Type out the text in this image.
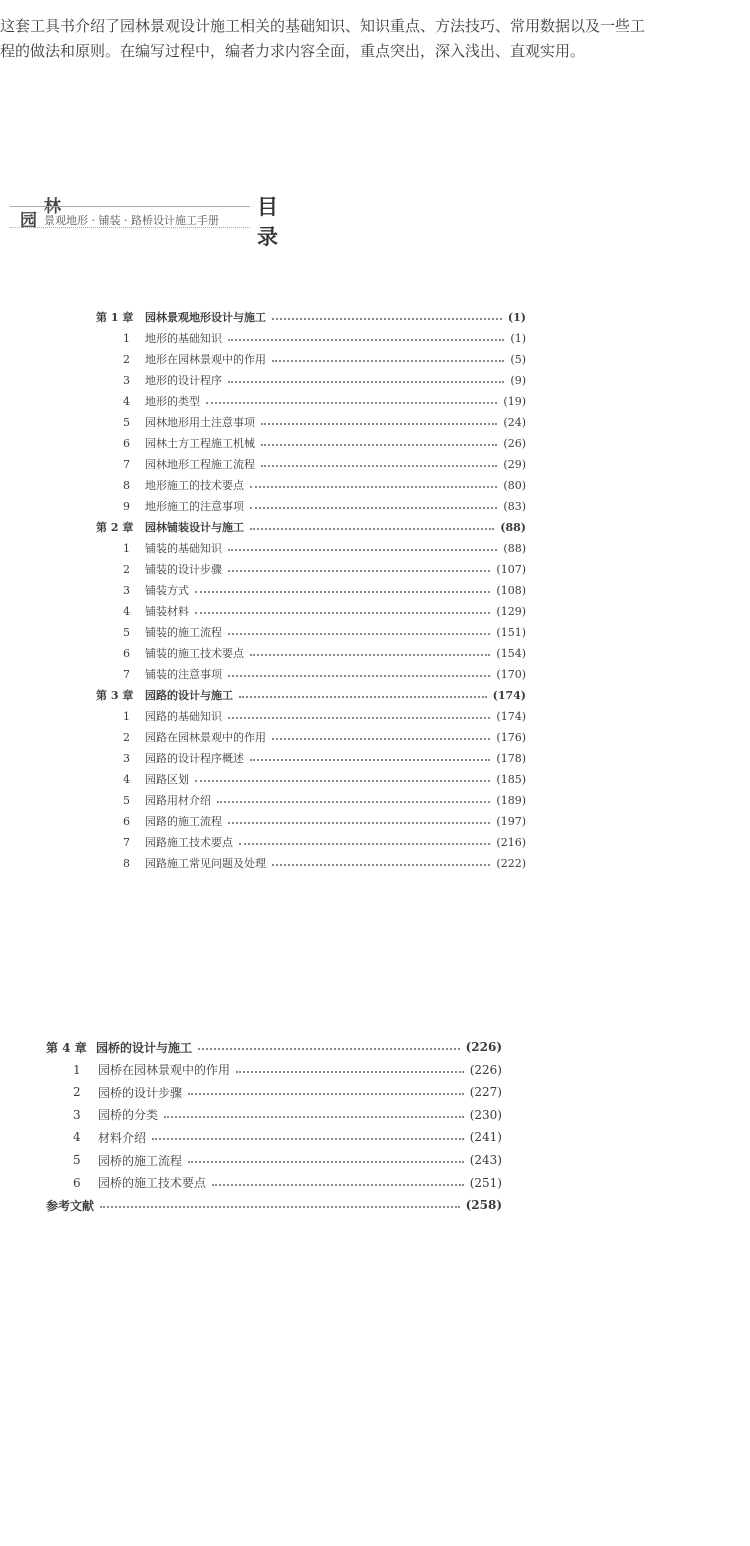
这套工具书介绍了园林景观设计施工相关的基础知识、知识重点、方法技巧、常用数据以及一些工
程的做法和原则。在编写过程中，编者力求内容全面，重点突出，深入浅出、直观实用。
园
林
景观地形 · 铺装 · 路桥设计施工手册
目
录
第 1 章	园林景观地形设计与施工	(1)
1	地形的基础知识	(1)
2	地形在园林景观中的作用	(5)
3	地形的设计程序	(9)
4	地形的类型	(19)
5	园林地形用土注意事项	(24)
6	园林土方工程施工机械	(26)
7	园林地形工程施工流程	(29)
8	地形施工的技术要点	(80)
9	地形施工的注意事项	(83)
第 2 章	园林铺装设计与施工	(88)
1	铺装的基础知识	(88)
2	铺装的设计步骤	(107)
3	铺装方式	(108)
4	铺装材料	(129)
5	铺装的施工流程	(151)
6	铺装的施工技术要点	(154)
7	铺装的注意事项	(170)
第 3 章	园路的设计与施工	(174)
1	园路的基础知识	(174)
2	园路在园林景观中的作用	(176)
3	园路的设计程序概述	(178)
4	园路区划	(185)
5	园路用材介绍	(189)
6	园路的施工流程	(197)
7	园路施工技术要点	(216)
8	园路施工常见问题及处理	(222)
第 4 章 园桥的设计与施工	(226)
1	园桥在园林景观中的作用	(226)
2	园桥的设计步骤	(227)
3	园桥的分类	(230)
4	材料介绍	(241)
5	园桥的施工流程	(243)
6	园桥的施工技术要点	(251)
参考文献	(258)
